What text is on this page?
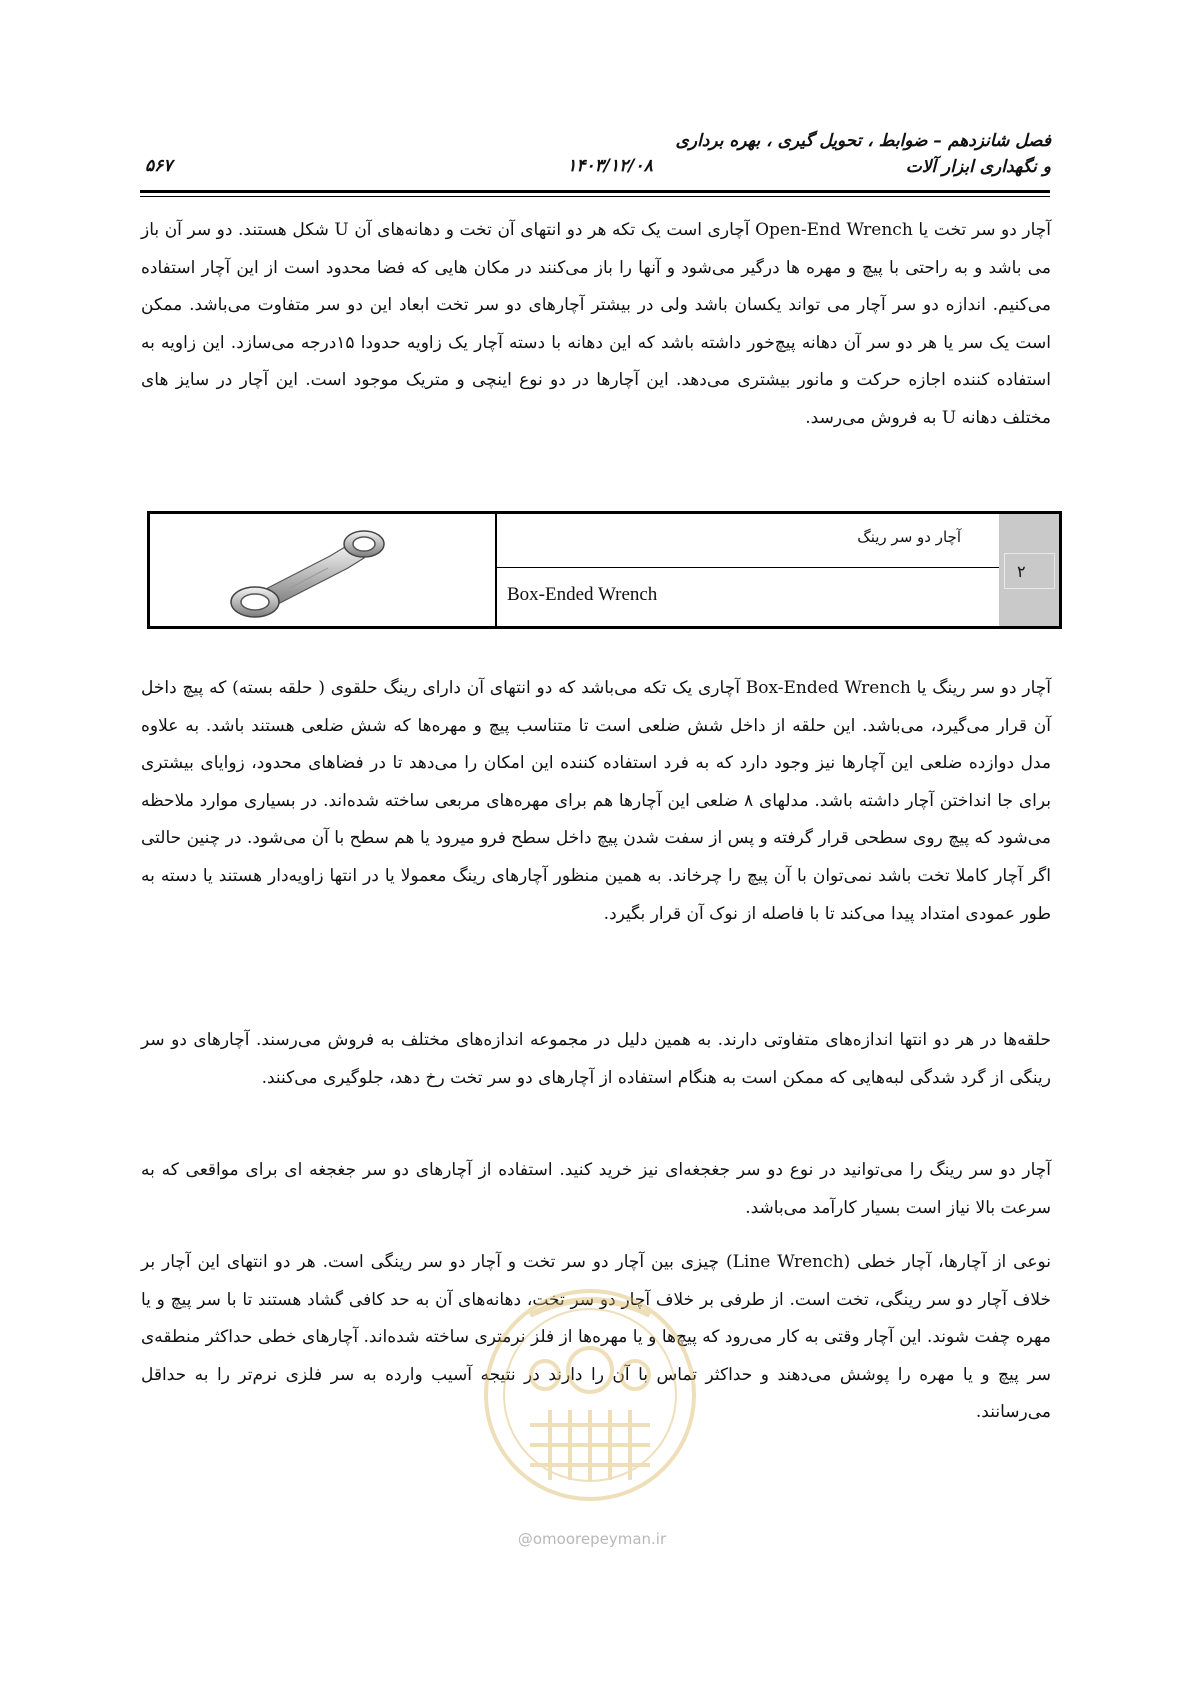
فصل شانزدهم – ضوابط ، تحویل گیری ، بهره برداری
و نگهداری ابزار آلات
۱۴۰۳/۱۲/۰۸
۵۶۷

آچار دو سر تخت یا Open-End Wrench آچاری است یک تکه هر دو انتهای آن تخت و دهانه‌های آن U شکل هستند. دو سر آن باز می باشد و به راحتی با پیچ و مهره ها درگیر می‌شود و آنها را باز می‌کنند در مکان هایی که فضا محدود است از این آچار استفاده می‌کنیم. اندازه دو سر آچار می تواند یکسان باشد ولی در بیشتر آچارهای دو سر تخت ابعاد این دو سر متفاوت می‌باشد. ممکن است یک سر یا هر دو سر آن دهانه پیچ‌خور داشته باشد که این دهانه با دسته آچار یک زاویه حدودا ۱۵درجه می‌سازد. این زاویه به استفاده کننده اجازه حرکت و مانور بیشتری می‌دهد. این آچارها در دو نوع اینچی و متریک موجود است. این آچار در سایز های مختلف دهانه U به فروش می‌رسد.

آچار دو سر رینگ
Box-Ended Wrench
۲

آچار دو سر رینگ یا Box-Ended Wrench آچاری یک تکه می‌باشد که دو انتهای آن دارای رینگ حلقوی ( حلقه بسته) که پیچ داخل آن قرار می‌گیرد، می‌باشد. این حلقه از داخل شش ضلعی است تا متناسب پیچ و مهره‌ها که شش ضلعی هستند باشد. به علاوه مدل دوازده ضلعی این آچارها نیز وجود دارد که به فرد استفاده کننده این امکان را می‌دهد تا در فضاهای محدود، زوایای بیشتری برای جا انداختن آچار داشته باشد. مدلهای ۸ ضلعی این آچارها هم برای مهره‌های مربعی ساخته شده‌اند. در بسیاری موارد ملاحظه می‌شود که پیچ روی سطحی قرار گرفته و پس از سفت شدن پیچ داخل سطح فرو میرود یا هم سطح با آن می‌شود. در چنین حالتی اگر آچار کاملا تخت باشد نمی‌توان با آن پیچ را چرخاند. به همین منظور آچارهای رینگ معمولا یا در انتها زاویه‌دار هستند یا دسته به طور عمودی امتداد پیدا می‌کند تا با فاصله از نوک آن قرار بگیرد.

حلقه‌ها در هر دو انتها اندازه‌های متفاوتی دارند. به همین دلیل در مجموعه اندازه‌های مختلف به فروش می‌رسند. آچارهای دو سر رینگی از گرد شدگی لبه‌هایی که ممکن است به هنگام استفاده از آچارهای دو سر تخت رخ دهد، جلوگیری می‌کنند.

آچار دو سر رینگ را می‌توانید در نوع دو سر جغجغه‌ای نیز خرید کنید. استفاده از آچارهای دو سر جغجغه ای برای مواقعی که به سرعت بالا نیاز است بسیار کارآمد می‌باشد.

نوعی از آچارها، آچار خطی (Line Wrench) چیزی بین آچار دو سر تخت و آچار دو سر رینگی است. هر دو انتهای این آچار بر خلاف آچار دو سر رینگی، تخت است. از طرفی بر خلاف آچار دو سر تخت، دهانه‌های آن به حد کافی گشاد هستند تا با سر پیچ و یا مهره چفت شوند. این آچار وقتی به کار می‌رود که پیچ‌ها و یا مهره‌ها از فلز نرمتری ساخته شده‌اند. آچارهای خطی حداکثر منطقه‌ی سر پیچ و یا مهره را پوشش می‌دهند و حداکثر تماس با آن را دارند در نتیجه آسیب وارده به سر فلزی نرم‌تر را به حداقل می‌رسانند.

@omoorepeyman.ir
